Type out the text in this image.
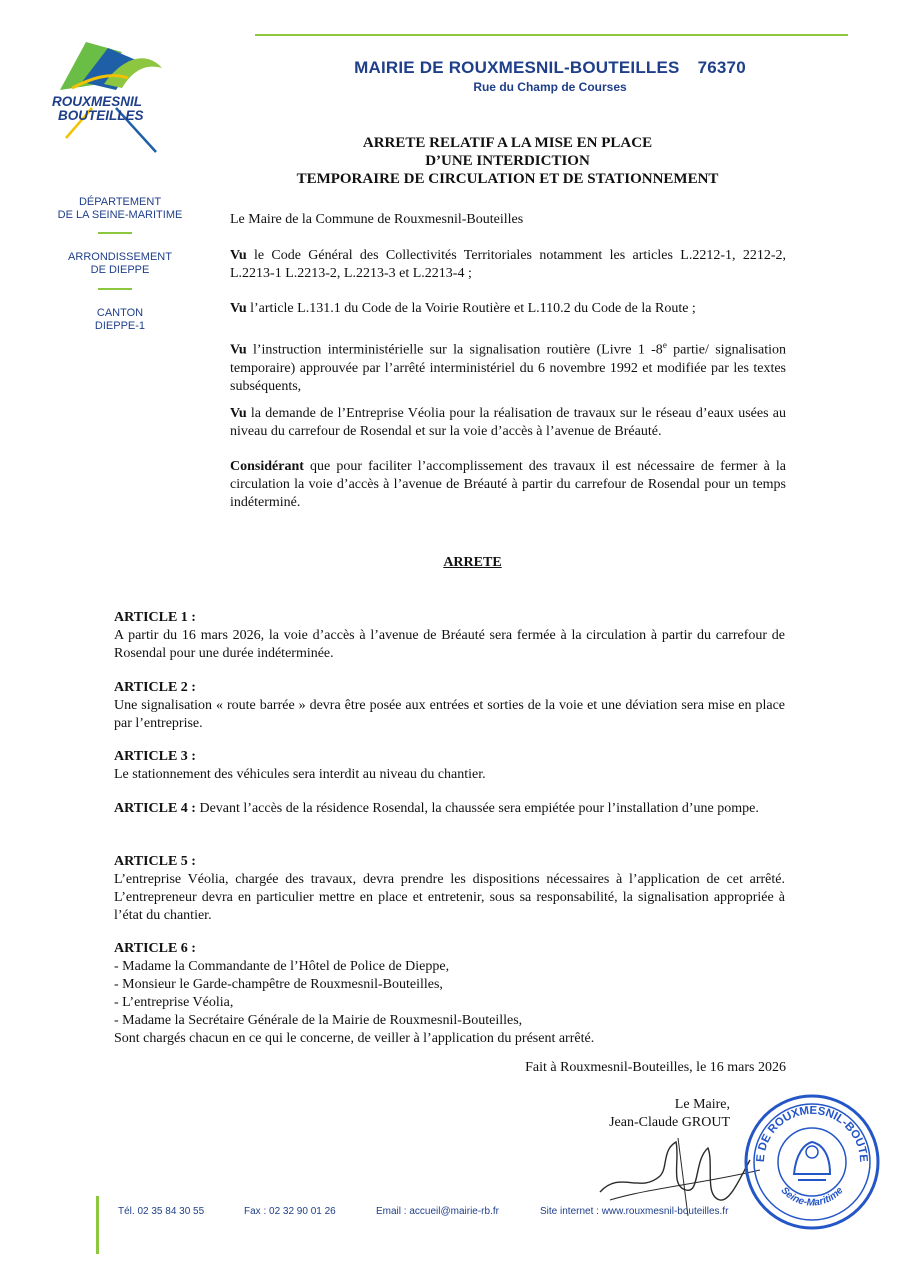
ROUXMESNIL
BOUTEILLES
MAIRIE DE ROUXMESNIL-BOUTEILLES 76370
Rue du Champ de Courses
DÉPARTEMENT
DE LA SEINE-MARITIME
ARRONDISSEMENT
DE DIEPPE
CANTON
DIEPPE-1
ARRETE RELATIF A LA MISE EN PLACE
D’UNE INTERDICTION
TEMPORAIRE DE CIRCULATION ET DE STATIONNEMENT
Le Maire de la Commune de Rouxmesnil-Bouteilles
Vu le Code Général des Collectivités Territoriales notamment les articles L.2212-1, 2212-2, L.2213-1 L.2213-2, L.2213-3 et L.2213-4 ;
Vu l’article L.131.1 du Code de la Voirie Routière et L.110.2 du Code de la Route ;
Vu l’instruction interministérielle sur la signalisation routière (Livre 1 -8e partie/ signalisation temporaire) approuvée par l’arrêté interministériel du 6 novembre 1992 et modifiée par les textes subséquents,
Vu la demande de l’Entreprise Véolia pour la réalisation de travaux sur le réseau d’eaux usées au niveau du carrefour de Rosendal et sur la voie d’accès à l’avenue de Bréauté.
Considérant que pour faciliter l’accomplissement des travaux il est nécessaire de fermer à la circulation la voie d’accès à l’avenue de Bréauté à partir du carrefour de Rosendal pour un temps indéterminé.
ARRETE
ARTICLE 1 :
A partir du 16 mars 2026, la voie d’accès à l’avenue de Bréauté sera fermée à la circulation à partir du carrefour de Rosendal pour une durée indéterminée.
ARTICLE 2 :
Une signalisation « route barrée » devra être posée aux entrées et sorties de la voie et une déviation sera mise en place par l’entreprise.
ARTICLE 3 :
Le stationnement des véhicules sera interdit au niveau du chantier.
ARTICLE 4 : Devant l’accès de la résidence Rosendal, la chaussée sera empiétée pour l’installation d’une pompe.
ARTICLE 5 :
L’entreprise Véolia, chargée des travaux, devra prendre les dispositions nécessaires à l’application de cet arrêté. L’entrepreneur devra en particulier mettre en place et entretenir, sous sa responsabilité, la signalisation appropriée à l’état du chantier.
ARTICLE 6 :
- Madame la Commandante de l’Hôtel de Police de Dieppe,
- Monsieur le Garde-champêtre de Rouxmesnil-Bouteilles,
- L’entreprise Véolia,
- Madame la Secrétaire Générale de la Mairie de Rouxmesnil-Bouteilles,
Sont chargés chacun en ce qui le concerne, de veiller à l’application du présent arrêté.
Fait à Rouxmesnil-Bouteilles, le 16 mars 2026
Le Maire,
Jean-Claude GROUT
E DE ROUXMESNIL-BOUTE
Seine-Maritime
Tél. 02 35 84 30 55	Fax : 02 32 90 01 26	Email : accueil@mairie-rb.fr	Site internet : www.rouxmesnil-bouteilles.fr
